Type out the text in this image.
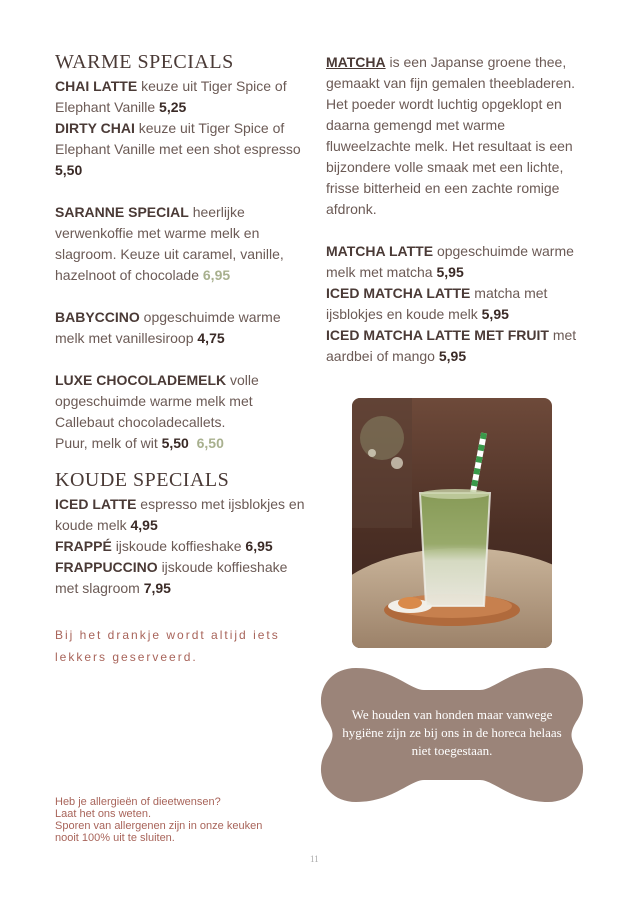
WARME SPECIALS

CHAI LATTE keuze uit Tiger Spice of Elephant Vanille 5,25

DIRTY CHAI keuze uit Tiger Spice of Elephant Vanille met een shot espresso 5,50

SARANNE SPECIAL heerlijke verwenkoffie met warme melk en slagroom. Keuze uit caramel, vanille, hazelnoot of chocolade 6,95

BABYCCINO opgeschuimde warme melk met vanillesiroop 4,75

LUXE CHOCOLADEMELK volle opgeschuimde warme melk met Callebaut chocoladecallets.
Puur, melk of wit 5,50 6,50

KOUDE SPECIALS

ICED LATTE espresso met ijsblokjes en koude melk 4,95

FRAPPÉ ijskoude koffieshake 6,95

FRAPPUCCINO ijskoude koffieshake met slagroom 7,95

Bij het drankje wordt altijd iets lekkers geserveerd.
Heb je allergieën of dieetwensen?
Laat het ons weten.
Sporen van allergenen zijn in onze keuken
nooit 100% uit te sluiten.
11

MATCHA is een Japanse groene thee, gemaakt van fijn gemalen theebladeren. Het poeder wordt luchtig opgeklopt en daarna gemengd met warme fluweelzachte melk. Het resultaat is een bijzondere volle smaak met een lichte, frisse bitterheid en een zachte romige afdronk.

MATCHA LATTE opgeschuimde warme melk met matcha 5,95

ICED MATCHA LATTE matcha met ijsblokjes en koude melk 5,95

ICED MATCHA LATTE MET FRUIT met aardbei of mango 5,95

We houden van honden maar vanwege hygiëne zijn ze bij ons in de horeca helaas niet toegestaan.
